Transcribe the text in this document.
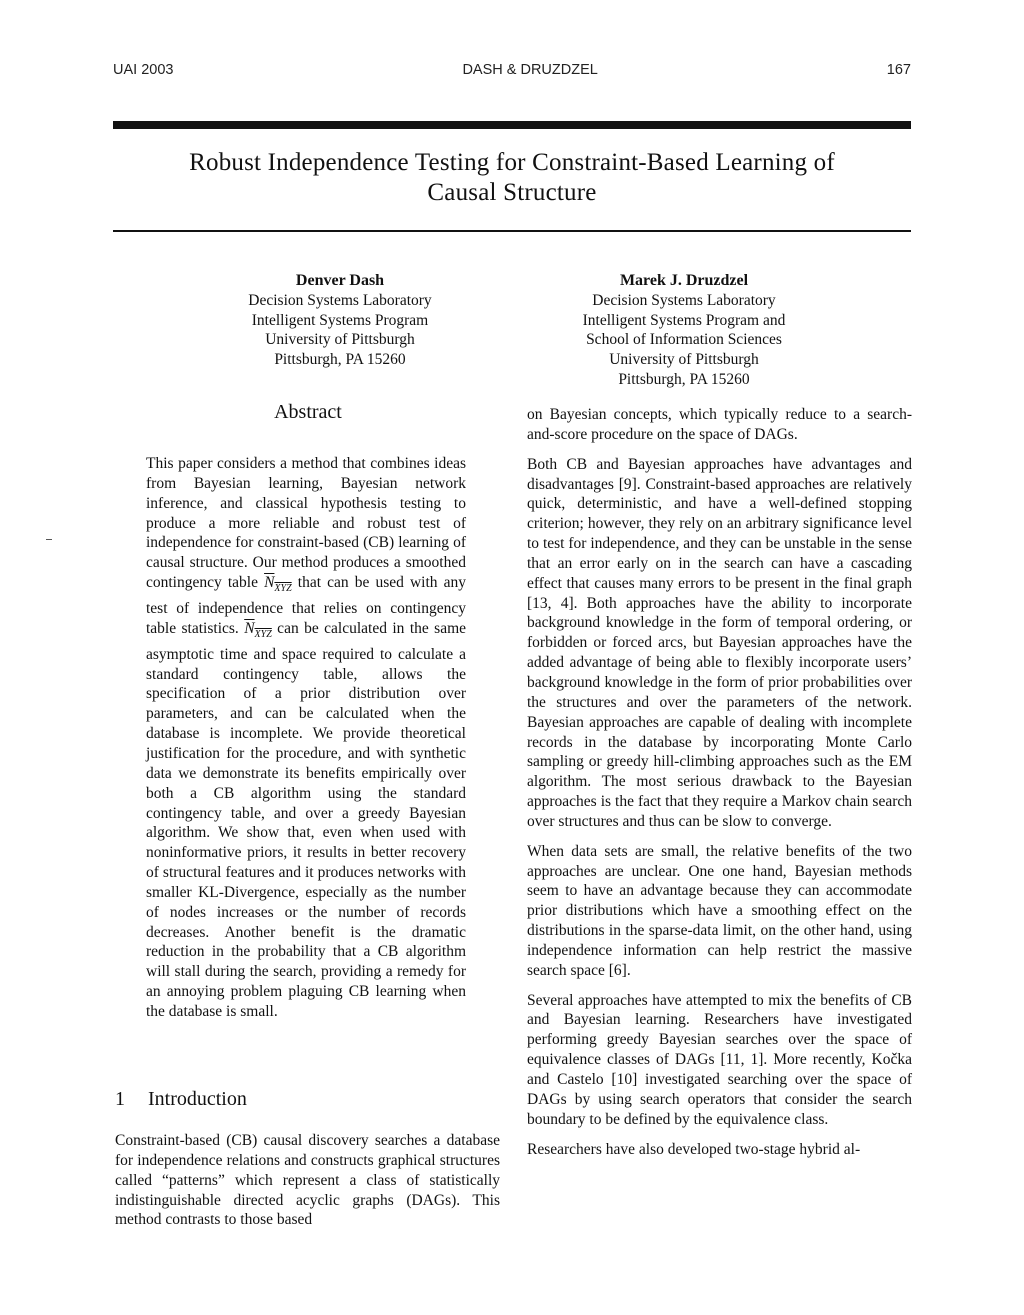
UAI 2003	DASH & DRUZDZEL	167
Robust Independence Testing for Constraint-Based Learning of
Causal Structure
Denver Dash
Decision Systems Laboratory
Intelligent Systems Program
University of Pittsburgh
Pittsburgh, PA 15260
Marek J. Druzdzel
Decision Systems Laboratory
Intelligent Systems Program and
School of Information Sciences
University of Pittsburgh
Pittsburgh, PA 15260
Abstract
This paper considers a method that combines ideas from Bayesian learning, Bayesian network inference, and classical hypothesis testing to produce a more reliable and robust test of independence for constraint-based (CB) learning of causal structure. Our method produces a smoothed contingency table $N_{XYZ}$ that can be used with any test of independence that relies on contingency table statistics. $N_{XYZ}$ can be calculated in the same asymptotic time and space required to calculate a standard contingency table, allows the specification of a prior distribution over parameters, and can be calculated when the database is incomplete. We provide theoretical justification for the procedure, and with synthetic data we demonstrate its benefits empirically over both a CB algorithm using the standard contingency table, and over a greedy Bayesian algorithm. We show that, even when used with noninformative priors, it results in better recovery of structural features and it produces networks with smaller KL-Divergence, especially as the number of nodes increases or the number of records decreases. Another benefit is the dramatic reduction in the probability that a CB algorithm will stall during the search, providing a remedy for an annoying problem plaguing CB learning when the database is small.
1 Introduction

Constraint-based (CB) causal discovery searches a database for independence relations and constructs graphical structures called “patterns” which represent a class of statistically indistinguishable directed acyclic graphs (DAGs). This method contrasts to those based

on Bayesian concepts, which typically reduce to a search-and-score procedure on the space of DAGs.

Both CB and Bayesian approaches have advantages and disadvantages [9]. Constraint-based approaches are relatively quick, deterministic, and have a well-defined stopping criterion; however, they rely on an arbitrary significance level to test for independence, and they can be unstable in the sense that an error early on in the search can have a cascading effect that causes many errors to be present in the final graph [13, 4]. Both approaches have the ability to incorporate background knowledge in the form of temporal ordering, or forbidden or forced arcs, but Bayesian approaches have the added advantage of being able to flexibly incorporate users’ background knowledge in the form of prior probabilities over the structures and over the parameters of the network. Bayesian approaches are capable of dealing with incomplete records in the database by incorporating Monte Carlo sampling or greedy hill-climbing approaches such as the EM algorithm. The most serious drawback to the Bayesian approaches is the fact that they require a Markov chain search over structures and thus can be slow to converge.

When data sets are small, the relative benefits of the two approaches are unclear. One one hand, Bayesian methods seem to have an advantage because they can accommodate prior distributions which have a smoothing effect on the distributions in the sparse-data limit, on the other hand, using independence information can help restrict the massive search space [6].

Several approaches have attempted to mix the benefits of CB and Bayesian learning. Researchers have investigated performing greedy Bayesian searches over the space of equivalence classes of DAGs [11, 1]. More recently, Kočka and Castelo [10] investigated searching over the space of DAGs by using search operators that consider the search boundary to be defined by the equivalence class.

Researchers have also developed two-stage hybrid al-
